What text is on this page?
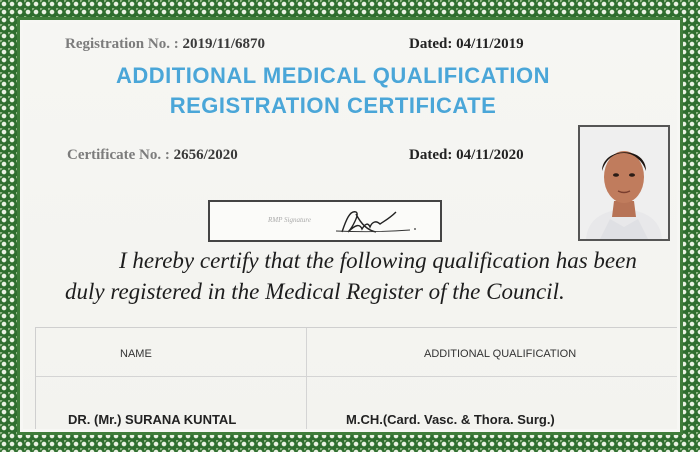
Registration No. : 2019/11/6870	Dated: 04/11/2019
ADDITIONAL MEDICAL QUALIFICATION
REGISTRATION CERTIFICATE
Certificate No. : 2656/2020	Dated: 04/11/2020
RMP Signature
I hereby certify that the following qualification has been
duly registered in the Medical Register of the Council.
NAME	ADDITIONAL QUALIFICATION
DR. (Mr.) SURANA KUNTAL	M.CH.(Card. Vasc. & Thora. Surg.)
